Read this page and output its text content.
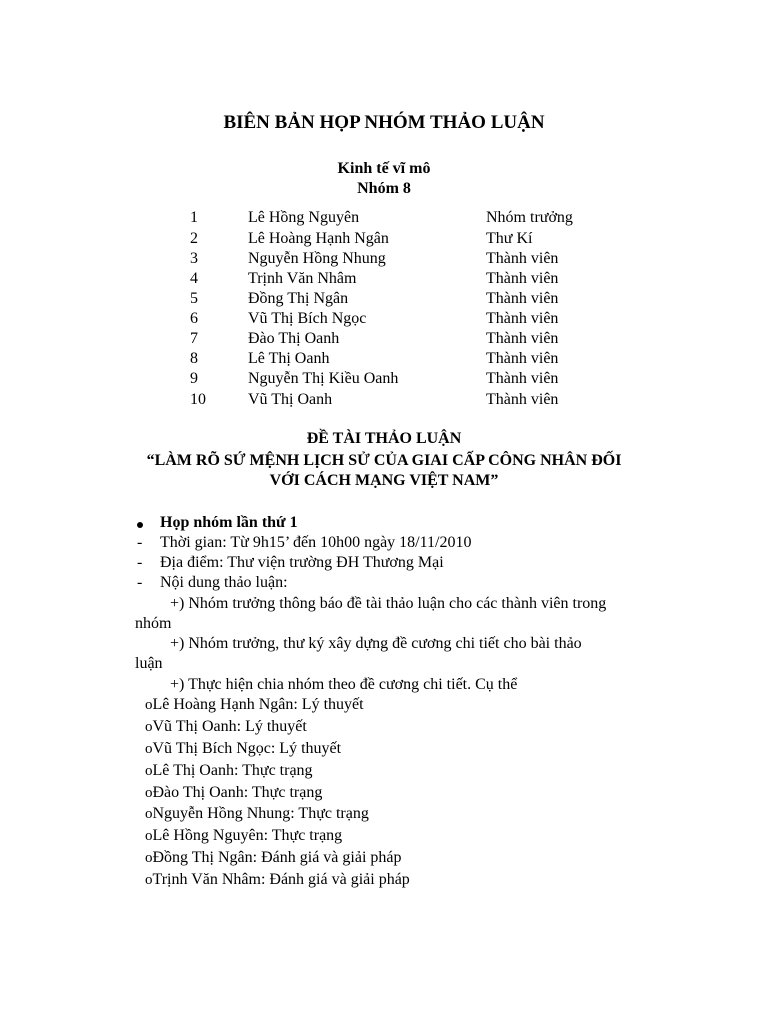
BIÊN BẢN HỌP NHÓM THẢO LUẬN
Kinh tế vĩ mô
Nhóm 8
1	Lê Hồng Nguyên	Nhóm trưởng
2	Lê Hoàng Hạnh Ngân	Thư Kí
3	Nguyễn Hồng Nhung	Thành viên
4	Trịnh Văn Nhâm	Thành viên
5	Đồng Thị Ngân	Thành viên
6	Vũ Thị Bích Ngọc	Thành viên
7	Đào Thị Oanh	Thành viên
8	Lê Thị Oanh	Thành viên
9	Nguyễn Thị Kiều Oanh	Thành viên
10	Vũ Thị Oanh	Thành viên
ĐỀ TÀI THẢO LUẬN
“LÀM RÕ SỨ MỆNH LỊCH SỬ CỦA GIAI CẤP CÔNG NHÂN ĐỐI
VỚI CÁCH MẠNG VIỆT NAM”
Họp nhóm lần thứ 1
- Thời gian: Từ 9h15’ đến 10h00 ngày 18/11/2010
- Địa điểm: Thư viện trường ĐH Thương Mại
- Nội dung thảo luận:
+) Nhóm trưởng thông báo đề tài thảo luận cho các thành viên trong
nhóm
+) Nhóm trưởng, thư ký xây dựng đề cương chi tiết cho bài thảo
luận
+) Thực hiện chia nhóm theo đề cương chi tiết. Cụ thể
oLê Hoàng Hạnh Ngân: Lý thuyết
oVũ Thị Oanh: Lý thuyết
oVũ Thị Bích Ngọc: Lý thuyết
oLê Thị Oanh: Thực trạng
oĐào Thị Oanh: Thực trạng
oNguyễn Hồng Nhung: Thực trạng
oLê Hồng Nguyên: Thực trạng
oĐồng Thị Ngân: Đánh giá và giải pháp
oTrịnh Văn Nhâm: Đánh giá và giải pháp
